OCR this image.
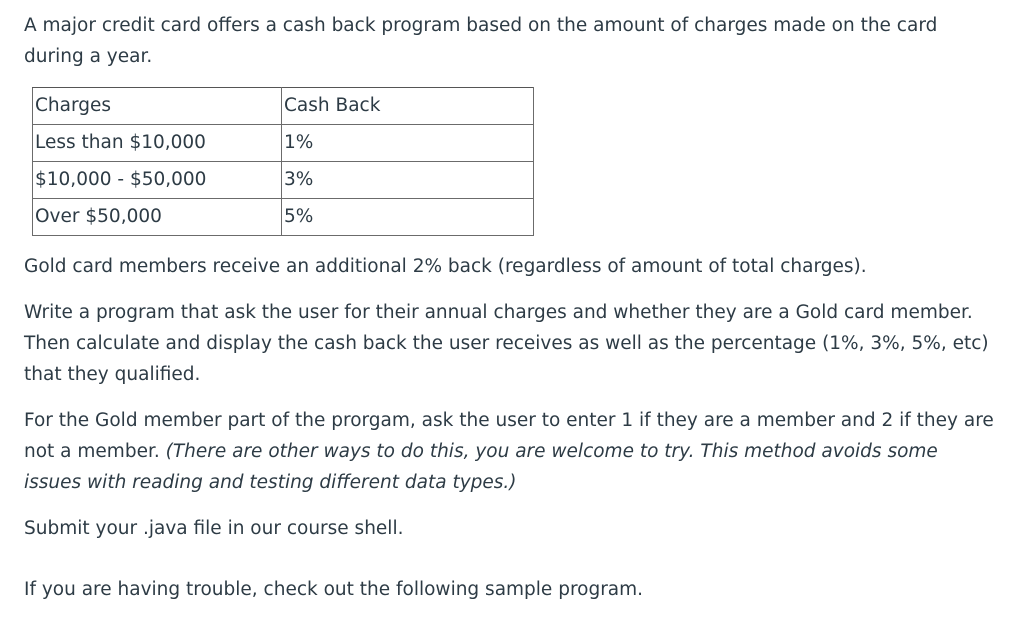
A major credit card offers a cash back program based on the amount of charges made on the card during a year.

Charges	Cash Back
Less than $10,000	1%
$10,000 - $50,000	3%
Over $50,000	5%

Gold card members receive an additional 2% back (regardless of amount of total charges).

Write a program that ask the user for their annual charges and whether they are a Gold card member. Then calculate and display the cash back the user receives as well as the percentage (1%, 3%, 5%, etc) that they qualified.

For the Gold member part of the prorgam, ask the user to enter 1 if they are a member and 2 if they are not a member. (There are other ways to do this, you are welcome to try. This method avoids some issues with reading and testing different data types.)

Submit your .java file in our course shell.

If you are having trouble, check out the following sample program.
